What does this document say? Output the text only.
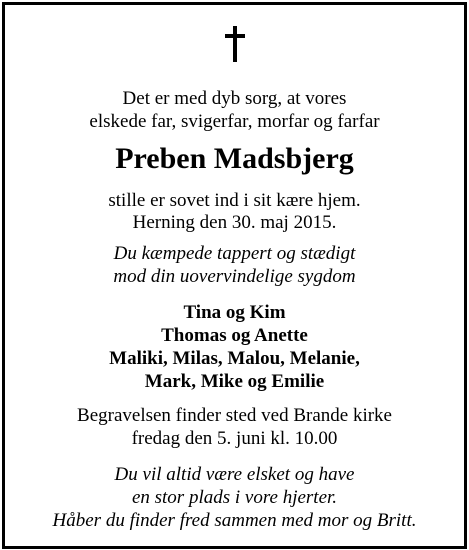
Det er med dyb sorg, at vores
elskede far, svigerfar, morfar og farfar
Preben Madsbjerg
stille er sovet ind i sit kære hjem.
Herning den 30. maj 2015.
Du kæmpede tappert og stædigt
mod din uovervindelige sygdom
Tina og Kim
Thomas og Anette
Maliki, Milas, Malou, Melanie,
Mark, Mike og Emilie
Begravelsen finder sted ved Brande kirke
fredag den 5. juni kl. 10.00
Du vil altid være elsket og have
en stor plads i vore hjerter.
Håber du finder fred sammen med mor og Britt.
